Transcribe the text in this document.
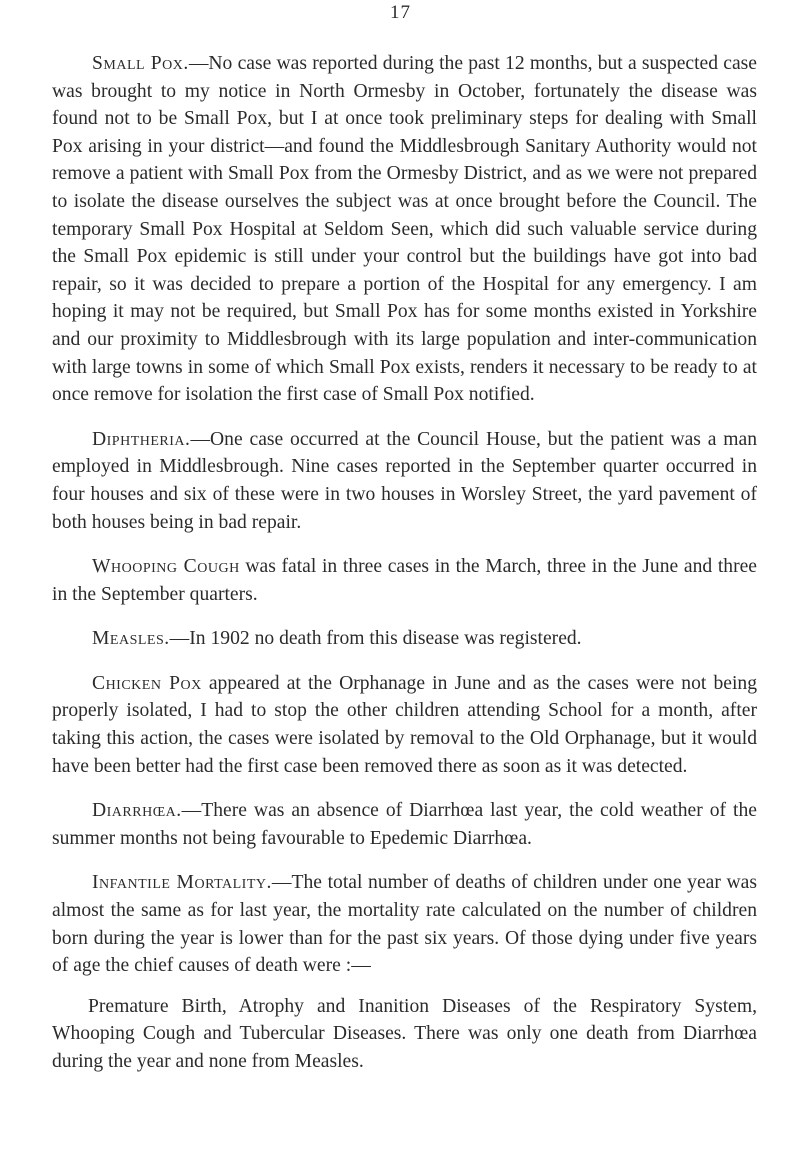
17

Small Pox.—No case was reported during the past 12 months, but a suspected case was brought to my notice in North Ormesby in October, fortunately the disease was found not to be Small Pox, but I at once took preliminary steps for dealing with Small Pox arising in your district—and found the Middlesbrough Sanitary Authority would not remove a patient with Small Pox from the Ormesby District, and as we were not prepared to isolate the disease ourselves the subject was at once brought before the Council. The temporary Small Pox Hospital at Seldom Seen, which did such valuable service during the Small Pox epidemic is still under your control but the buildings have got into bad repair, so it was decided to prepare a portion of the Hospital for any emergency. I am hoping it may not be required, but Small Pox has for some months existed in Yorkshire and our proximity to Middlesbrough with its large population and inter-communication with large towns in some of which Small Pox exists, renders it necessary to be ready to at once remove for isolation the first case of Small Pox notified.

Diphtheria.—One case occurred at the Council House, but the patient was a man employed in Middlesbrough. Nine cases reported in the September quarter occurred in four houses and six of these were in two houses in Worsley Street, the yard pavement of both houses being in bad repair.

Whooping Cough was fatal in three cases in the March, three in the June and three in the September quarters.

Measles.—In 1902 no death from this disease was registered.

Chicken Pox appeared at the Orphanage in June and as the cases were not being properly isolated, I had to stop the other children attending School for a month, after taking this action, the cases were isolated by removal to the Old Orphanage, but it would have been better had the first case been removed there as soon as it was detected.

Diarrhœa.—There was an absence of Diarrhœa last year, the cold weather of the summer months not being favourable to Epedemic Diarrhœa.

Infantile Mortality.—The total number of deaths of children under one year was almost the same as for last year, the mortality rate calculated on the number of children born during the year is lower than for the past six years. Of those dying under five years of age the chief causes of death were :—

Premature Birth, Atrophy and Inanition Diseases of the Respiratory System, Whooping Cough and Tubercular Diseases. There was only one death from Diarrhœa during the year and none from Measles.
